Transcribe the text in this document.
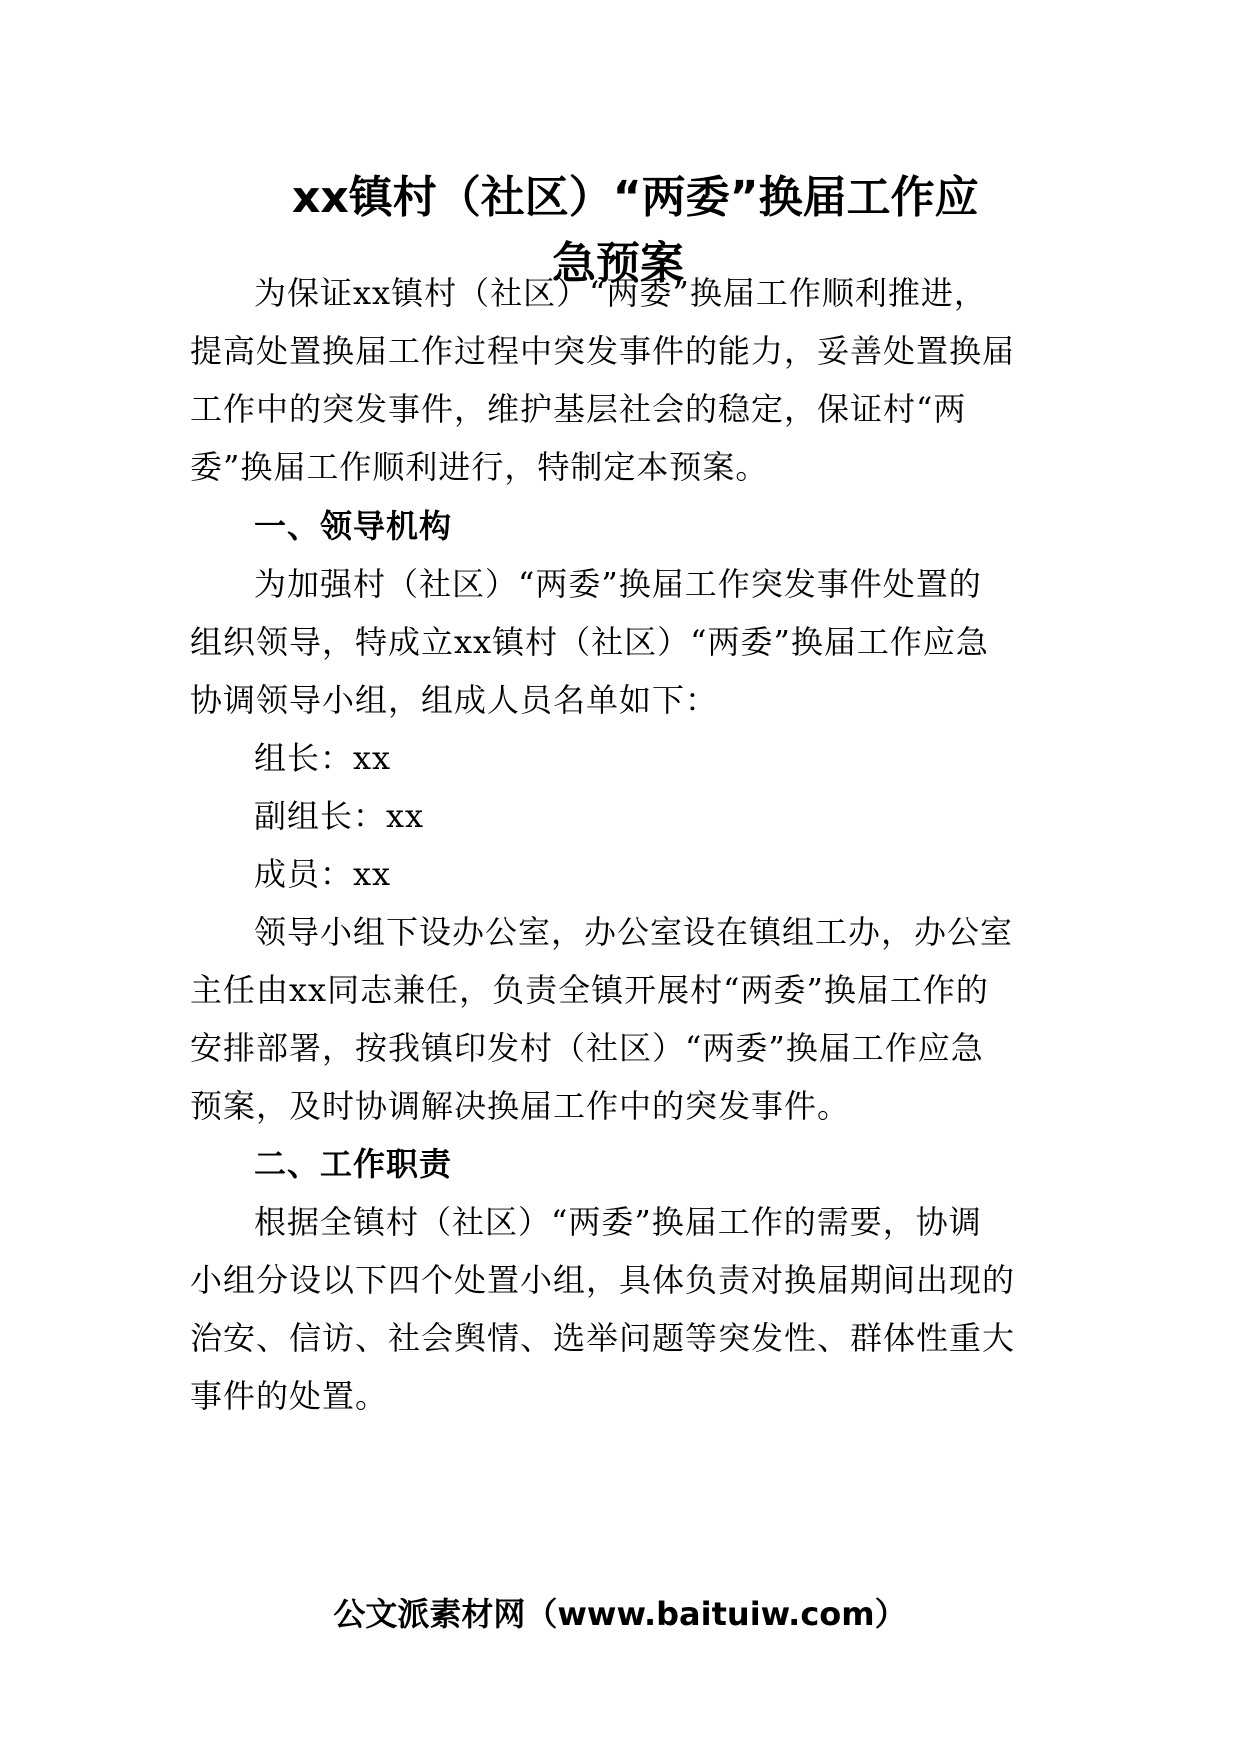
xx镇村（社区）“两委”换届工作应
急预案
为保证xx镇村（社区）“两委”换届工作顺利推进，
提高处置换届工作过程中突发事件的能力，妥善处置换届
工作中的突发事件，维护基层社会的稳定，保证村“两
委”换届工作顺利进行，特制定本预案。
一、领导机构
为加强村（社区）“两委”换届工作突发事件处置的
组织领导，特成立xx镇村（社区）“两委”换届工作应急
协调领导小组，组成人员名单如下：
组长：xx
副组长：xx
成员：xx
领导小组下设办公室，办公室设在镇组工办，办公室
主任由xx同志兼任，负责全镇开展村“两委”换届工作的
安排部署，按我镇印发村（社区）“两委”换届工作应急
预案，及时协调解决换届工作中的突发事件。
二、工作职责
根据全镇村（社区）“两委”换届工作的需要，协调
小组分设以下四个处置小组，具体负责对换届期间出现的
治安、信访、社会舆情、选举问题等突发性、群体性重大
事件的处置。
公文派素材网（www.baituiw.com）
